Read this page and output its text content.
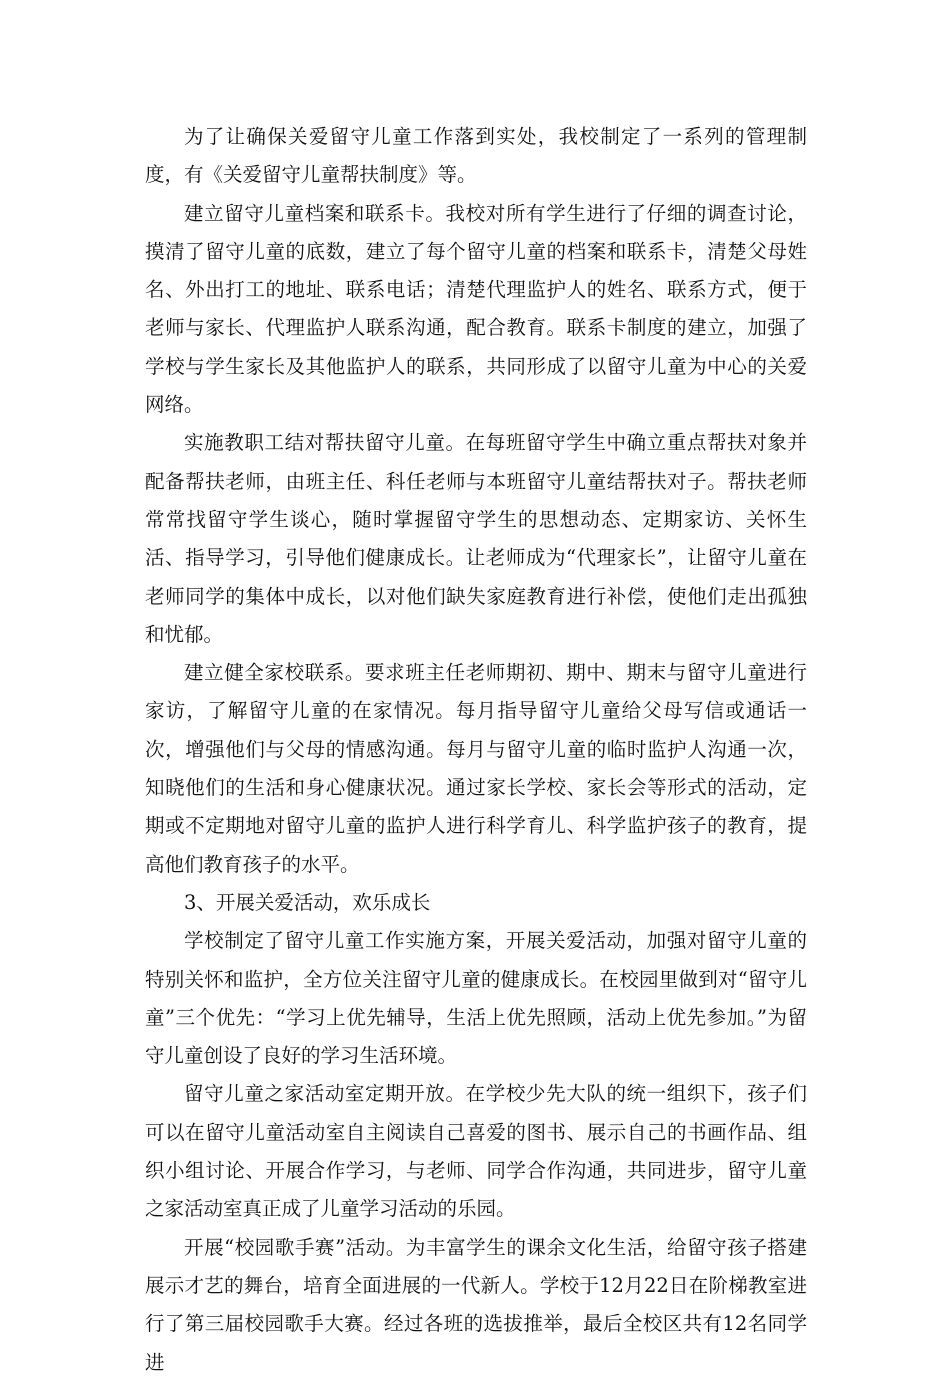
为了让确保关爱留守儿童工作落到实处，我校制定了一系列的管理制度，有《关爱留守儿童帮扶制度》等。

建立留守儿童档案和联系卡。我校对所有学生进行了仔细的调查讨论，摸清了留守儿童的底数，建立了每个留守儿童的档案和联系卡，清楚父母姓名、外出打工的地址、联系电话；清楚代理监护人的姓名、联系方式，便于老师与家长、代理监护人联系沟通，配合教育。联系卡制度的建立，加强了学校与学生家长及其他监护人的联系，共同形成了以留守儿童为中心的关爱网络。

实施教职工结对帮扶留守儿童。在每班留守学生中确立重点帮扶对象并配备帮扶老师，由班主任、科任老师与本班留守儿童结帮扶对子。帮扶老师常常找留守学生谈心，随时掌握留守学生的思想动态、定期家访、关怀生活、指导学习，引导他们健康成长。让老师成为“代理家长”，让留守儿童在老师同学的集体中成长，以对他们缺失家庭教育进行补偿，使他们走出孤独和忧郁。

建立健全家校联系。要求班主任老师期初、期中、期末与留守儿童进行家访，了解留守儿童的在家情况。每月指导留守儿童给父母写信或通话一次，增强他们与父母的情感沟通。每月与留守儿童的临时监护人沟通一次，知晓他们的生活和身心健康状况。通过家长学校、家长会等形式的活动，定期或不定期地对留守儿童的监护人进行科学育儿、科学监护孩子的教育，提高他们教育孩子的水平。

3、开展关爱活动，欢乐成长

学校制定了留守儿童工作实施方案，开展关爱活动，加强对留守儿童的特别关怀和监护，全方位关注留守儿童的健康成长。在校园里做到对“留守儿童”三个优先：“学习上优先辅导，生活上优先照顾，活动上优先参加。”为留守儿童创设了良好的学习生活环境。

留守儿童之家活动室定期开放。在学校少先大队的统一组织下，孩子们可以在留守儿童活动室自主阅读自己喜爱的图书、展示自己的书画作品、组织小组讨论、开展合作学习，与老师、同学合作沟通，共同进步，留守儿童之家活动室真正成了儿童学习活动的乐园。

开展“校园歌手赛”活动。为丰富学生的课余文化生活，给留守孩子搭建展示才艺的舞台，培育全面进展的一代新人。学校于12月22日在阶梯教室进行了第三届校园歌手大赛。经过各班的选拔推举，最后全校区共有12名同学进
